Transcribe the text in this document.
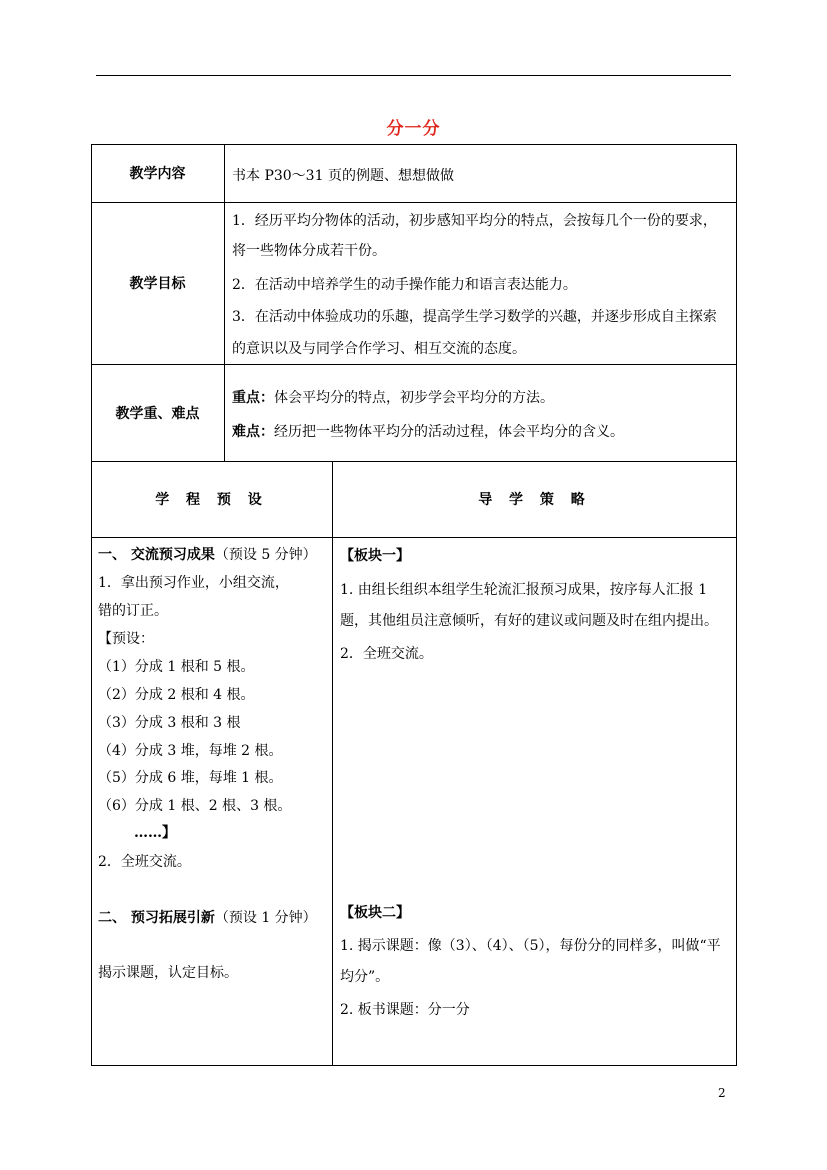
分一分
教学内容	书本 P30～31 页的例题、想想做做
教学目标
1．经历平均分物体的活动，初步感知平均分的特点，会按每几个一份的要求，
将一些物体分成若干份。
2．在活动中培养学生的动手操作能力和语言表达能力。
3．在活动中体验成功的乐趣，提高学生学习数学的兴趣，并逐步形成自主探索
的意识以及与同学合作学习、相互交流的态度。
教学重、难点
重点：体会平均分的特点，初步学会平均分的方法。
难点：经历把一些物体平均分的活动过程，体会平均分的含义。
学 程 预 设	导 学 策 略
一、 交流预习成果（预设 5 分钟）
1．拿出预习作业，小组交流，
错的订正。
【预设：
（1）分成 1 根和 5 根。
（2）分成 2 根和 4 根。
（3）分成 3 根和 3 根
（4）分成 3 堆，每堆 2 根。
（5）分成 6 堆，每堆 1 根。
（6）分成 1 根、2 根、3 根。
……】
2．全班交流。
二、 预习拓展引新（预设 1 分钟）
揭示课题，认定目标。
【板块一】
1. 由组长组织本组学生轮流汇报预习成果，按序每人汇报 1
题，其他组员注意倾听，有好的建议或问题及时在组内提出。
2．全班交流。
【板块二】
1. 揭示课题：像（3）、（4）、（5），每份分的同样多，叫做“平
均分”。
2. 板书课题：分一分
2
